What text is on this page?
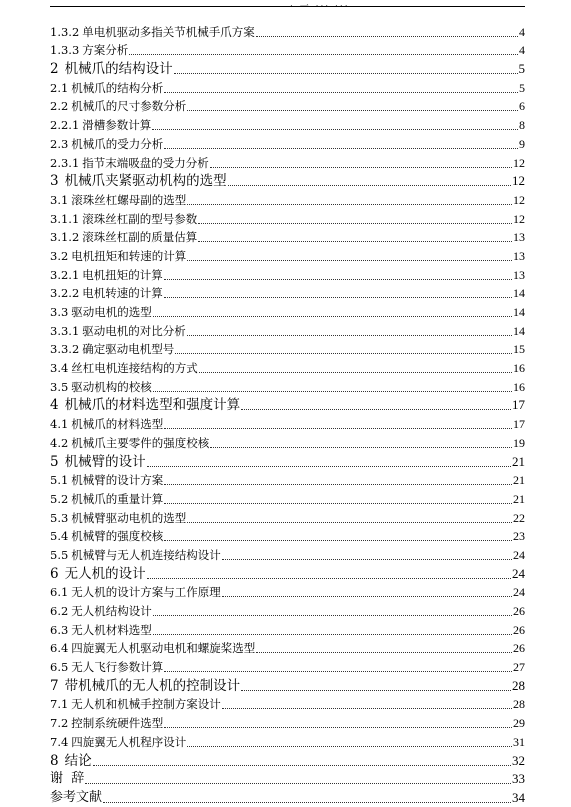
· 一 ··· ···
1.3.2 单电机驱动多指关节机械手爪方案	4
1.3.3 方案分析	4
2 机械爪的结构设计	5
2.1 机械爪的结构分析	5
2.2 机械爪的尺寸参数分析	6
2.2.1 滑槽参数计算	8
2.3 机械爪的受力分析	9
2.3.1 指节末端吸盘的受力分析	12
3 机械爪夹紧驱动机构的选型	12
3.1 滚珠丝杠螺母副的选型	12
3.1.1 滚珠丝杠副的型号参数	12
3.1.2 滚珠丝杠副的质量估算	13
3.2 电机扭矩和转速的计算	13
3.2.1 电机扭矩的计算	13
3.2.2 电机转速的计算	14
3.3 驱动电机的选型	14
3.3.1 驱动电机的对比分析	14
3.3.2 确定驱动电机型号	15
3.4 丝杠电机连接结构的方式	16
3.5 驱动机构的校核	16
4 机械爪的材料选型和强度计算	17
4.1 机械爪的材料选型	17
4.2 机械爪主要零件的强度校核	19
5 机械臂的设计	21
5.1 机械臂的设计方案	21
5.2 机械爪的重量计算	21
5.3 机械臂驱动电机的选型	22
5.4 机械臂的强度校核	23
5.5 机械臂与无人机连接结构设计	24
6 无人机的设计	24
6.1 无人机的设计方案与工作原理	24
6.2 无人机结构设计	26
6.3 无人机材料选型	26
6.4 四旋翼无人机驱动电机和螺旋桨选型	26
6.5 无人飞行参数计算	27
7 带机械爪的无人机的控制设计	28
7.1 无人机和机械手控制方案设计	28
7.2 控制系统硬件选型	29
7.4 四旋翼无人机程序设计	31
8 结论	32
谢  辞	33
参考文献	34
